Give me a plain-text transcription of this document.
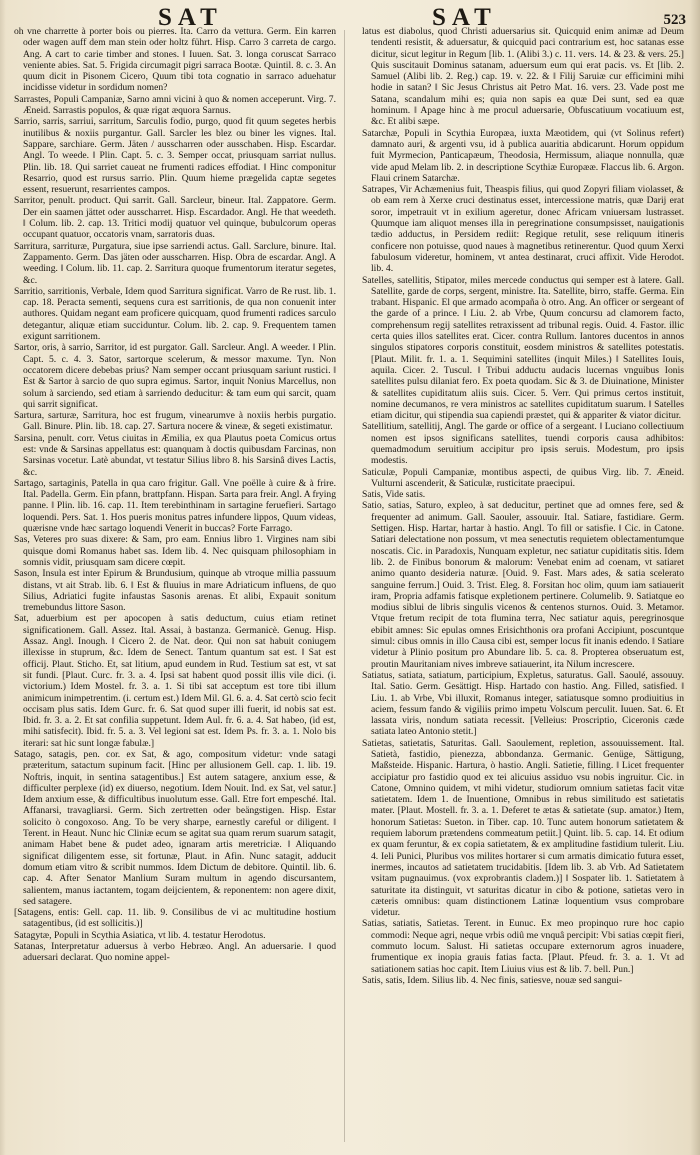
SAT	SAT	523

oh vne charrette à porter bois ou pierres. Ita. Carro da vettura. Germ. Ein karren oder wagen auff dem man stein oder holtz führt. Hisp. Carro 3 carreta de cargo. Ang. A cart to carie timber and stones. ‖ Iuuen. Sat. 3. longa coruscat Sarraco veniente abies. Sat. 5. Frigida circumagit pigri sarraca Bootæ. Quintil. 8. c. 3. An quum dicit in Pisonem Cicero, Quum tibi tota cognatio in sarraco aduehatur incidisse videtur in sordidum nomen?

Sarrastes, Populi Campaniæ, Sarno amni vicini à quo & nomen acceperunt. Virg. 7. Æneid. Sarrastis populos, & quæ rigat æquora Sarnus.

Sarrio, sarris, sarriui, sarritum, Sarculis fodio, purgo, quod fit quum segetes herbis inutilibus & noxiis purgantur. Gall. Sarcler les blez ou biner les vignes. Ital. Sappare, sarchiare. Germ. Jäten / ausscharren oder ausschaben. Hisp. Escardar. Angl. To weede. ‖ Plin. Capt. 5. c. 3. Semper occat, priusquam sarriat nullus. Plin. lib. 18. Qui sarriet caueat ne frumenti radices effodiat. ‖ Hinc componitur Resarrio, quod est rursus sarrio. Plin. Quum hieme prægelida captæ segetes essent, resuerunt, resarrientes campos.

Sarritor, penult. product. Qui sarrit. Gall. Sarcleur, bineur. Ital. Zappatore. Germ. Der ein saamen jättet oder ausscharret. Hisp. Escardador. Angl. He that weedeth. ‖ Colum. lib. 2. cap. 13. Tritici modij quatuor vel quinque, bubulcorum operas occupant quatuor, occatoris vnam, sarratoris duas.

Sarritura, sarrituræ, Purgatura, siue ipse sarriendi actus. Gall. Sarclure, binure. Ital. Zappamento. Germ. Das jäten oder ausscharren. Hisp. Obra de escardar. Angl. A weeding. ‖ Colum. lib. 11. cap. 2. Sarritura quoque frumentorum iteratur segetes, &c.

Sarritio, sarritionis, Verbale, Idem quod Sarritura significat. Varro de Re rust. lib. 1. cap. 18. Peracta sementi, sequens cura est sarritionis, de qua non conuenit inter authores. Quidam negant eam proficere quicquam, quod frumenti radices sarculo detegantur, aliquæ etiam succiduntur. Colum. lib. 2. cap. 9. Frequentem tamen exigunt sarritionem.

Sartor, oris, à sarrio, Sarritor, id est purgator. Gall. Sarcleur. Angl. A weeder. ‖ Plin. Capt. 5. c. 4. 3. Sator, sartorque scelerum, & messor maxume. Tyn. Non occatorem dicere debebas prius? Nam semper occant priusquam sariunt rustici. ‖ Est & Sartor à sarcio de quo supra egimus. Sartor, inquit Nonius Marcellus, non solum à sarciendo, sed etiam à sarriendo deducitur: & tam eum qui sarcit, quam qui sarrit significat.

Sartura, sarturæ, Sarritura, hoc est frugum, vinearumve à noxiis herbis purgatio. Gall. Binure. Plin. lib. 18. cap. 27. Sartura nocere & vineæ, & segeti existimatur.

Sarsina, penult. corr. Vetus ciuitas in Æmilia, ex qua Plautus poeta Comicus ortus est: vnde & Sarsinas appellatus est: quanquam à doctis quibusdam Farcinas, non Sarsinas vocetur. Latè abundat, vt testatur Silius libro 8. his Sarsinâ dives Lactis, &c.

Sartago, sartaginis, Patella in qua caro frigitur. Gall. Vne poëlle à cuire & à frire. Ital. Padella. Germ. Ein pfann, brattpfann. Hispan. Sarta para freir. Angl. A frying panne. ‖ Plin. lib. 16. cap. 11. Item terebinthinam in sartagine feruefieri. Sartago loquendi. Pers. Sat. 1. Hos pueris monitus patres infundere lippos, Quum videas, quærisne vnde hæc sartago loquendi Venerit in buccas? Forte Farrago.

Sas, Veteres pro suas dixere: & Sam, pro eam. Ennius libro 1. Virgines nam sibi quisque domi Romanus habet sas. Idem lib. 4. Nec quisquam philosophiam in somnis vidit, priusquam sam dicere cœpit.

Sason, Insula est inter Epirum & Brundusium, quinque ab vtroque millia passuum distans, vt ait Strab. lib. 6. ‖ Est & fluuius in mare Adriaticum influens, de quo Silius, Adriatici fugite infaustas Sasonis arenas. Et alibi, Expauit sonitum tremebundus littore Sason.

Sat, aduerbium est per apocopen à satis deductum, cuius etiam retinet significationem. Gall. Assez. Ital. Assai, à bastanza. Germanicè. Genug. Hisp. Assaz. Angl. Inough. ‖ Cicero 2. de Nat. deor. Qui non sat habuit coniugem illexisse in stuprum, &c. Idem de Senect. Tantum quantum sat est. ‖ Sat est officij. Plaut. Sticho. Et, sat litium, apud eundem in Rud. Testium sat est, vt sat sit fundi. [Plaut. Curc. fr. 3. a. 4. Ipsi sat habent quod possit illis vile dici. (i. victorium.) Idem Mostel. fr. 3. a. 1. Si tibi sat acceptum est tore tibi illum animicum inimpetrentim. (i. certum est.) Idem Mil. Gl. 6. a. 4. Sat certò scio fecit occisam plus satis. Idem Gurc. fr. 6. Sat quod super illi fuerit, id nobis sat est. Ibid. fr. 3. a. 2. Et sat confilia suppetunt. Idem Aul. fr. 6. a. 4. Sat habeo, (id est, mihi satisfecit). Ibid. fr. 5. a. 3. Vel legioni sat est. Idem Ps. fr. 3. a. 1. Nolo bis iterari: sat hic sunt longæ fabulæ.]

Satago, satagis, pen. cor. ex Sat, & ago, compositum videtur: vnde satagi præteritum, satactum supinum facit. [Hinc per allusionem Gell. cap. 1. lib. 19. Noftris, inquit, in sentina satagentibus.] Est autem satagere, anxium esse, & difficulter perplexe (id) ex diuerso, negotium. Idem Nouit. Ind. ex Sat, vel satur.] Idem anxium esse, & difficultibus inuolutum esse. Gall. Etre fort empesché. Ital. Affanarsi, travagliarsi. Germ. Sich zertretten oder beängstigen. Hisp. Estar solicito ò congoxoso. Ang. To be very sharpe, earnestly careful or diligent. ‖ Terent. in Heaut. Nunc hic Cliniæ ecum se agitat sua quam rerum suarum satagit, animam Habet bene & pudet adeo, ignaram artis meretriciæ. ‖ Aliquando significat diligentem esse, sit fortunæ, Plaut. in Afin. Nunc satagit, adducit domum etiam vitro & scribit nummos. Idem Dictum de debitore. Quintil. lib. 6. cap. 4. After Senator Manlium Suram multum in agendo discursantem, salientem, manus iactantem, togam deijcientem, & reponentem: non agere dixit, sed satagere.

[Satagens, entis: Gell. cap. 11. lib. 9. Consilibus de vi ac multitudine hostium satagentibus, (id est sollicitis.)]

Satagytæ, Populi in Scythia Asiatica, vt lib. 4. testatur Herodotus.

Satanas, Interpretatur aduersus à verbo Hebræo. Angl. An aduersarie. ‖ quod aduersari declarat. Quo nomine appel-

latus est diabolus, quod Christi aduersarius sit. Quicquid enim animæ ad Deum tendenti resistit, & aduersatur, & quicquid paci contrarium est, hoc satanas esse dicitur, sicut legitur in Regum [lib. 1. (Alibi 3.) c. 11. vers. 14. & 23. & vers. 25.] Quis suscitauit Dominus satanam, aduersum eum qui erat pacis. vs. Et [lib. 2. Samuel (Alibi lib. 2. Reg.) cap. 19. v. 22. & ‖ Filij Saruiæ cur efficimini mihi hodie in satan? ‖ Sic Jesus Christus ait Petro Mat. 16. vers. 23. Vade post me Satana, scandalum mihi es; quia non sapis ea quæ Dei sunt, sed ea quæ hominum. ‖ Apage hinc à me procul aduersarie, Obfuscatiuum vocatiuum est, &c. Et alibi sæpe.

Satarchæ, Populi in Scythia Europæa, iuxta Mæotidem, qui (vt Solinus refert) damnato auri, & argenti vsu, id à publica auaritia abdicarunt. Horum oppidum fuit Myrmecion, Panticapæum, Theodosia, Hermissum, aliaque nonnulla, quæ vide apud Melam lib. 2. in descriptione Scythiæ Europææ. Flaccus lib. 6. Argon. Flaui crinem Satarchæ.

Satrapes, Vir Achæmenius fuit, Theaspis filius, qui quod Zopyri filiam violasset, & ob eam rem à Xerxe cruci destinatus esset, intercessione matris, quæ Darij erat soror, impetrauit vt in exilium ageretur, donec Africam vniuersam lustrasset. Quumque iam aliquot menses illa in peregrinatione consumpsisset, nauigationis tædio adductus, in Persidem rediit: Regique retulit, sese reliquum itineris conficere non potuisse, quod naues à magnetibus retinerentur. Quod quum Xerxi fabulosum videretur, hominem, vt antea destinarat, cruci affixit. Vide Herodot. lib. 4.

Satelles, satellitis, Stipator, miles mercede conductus qui semper est à latere. Gall. Satellite, garde de corps, sergent, ministre. Ita. Satellite, birro, staffe. Germa. Ein trabant. Hispanic. El que armado acompaña ò otro. Ang. An officer or sergeant of the garde of a prince. ‖ Liu. 2. ab Vrbe, Quum concursu ad clamorem facto, comprehensum regij satellites retraxissent ad tribunal regis. Ouid. 4. Fastor. illic certa quies illos satellites erat. Cicer. contra Rullum. Iantores ducentos in annos singulos stipatores corporis constituit, eosdem ministros & satellites potestatis. [Plaut. Milit. fr. 1. a. 1. Sequimini satellites (inquit Miles.) ‖ Satellites Iouis, aquila. Cicer. 2. Tuscul. ‖ Tribui adductu audacis lucernas vnguibus Ionis satellites pulsu dilaniat fero. Ex poeta quodam. Sic & 3. de Diuinatione, Minister & satellites cupiditatum aliis suis. Cicer. 5. Verr. Qui primus certos instituit, nomine decumanos, re vera ministros ac satellites cupiditatum suarum. ‖ Satelles etiam dicitur, qui stipendia sua capiendi præstet, qui & appariter & viator dicitur.

Satellitium, satellitij, Angl. The garde or office of a sergeant. ‖ Luciano collectiuum nomen est ipsos significans satellites, tuendi corporis causa adhibitos: quemadmodum seruitium accipitur pro ipsis seruis. Modestum, pro ipsis modestis.

Saticulæ, Populi Campaniæ, montibus aspecti, de quibus Virg. lib. 7. Æneid. Vulturni ascenderit, & Saticulæ, rusticitate praecipui.

Satis, Vide satis.

Satio, satias, Saturo, expleo, à sat deducitur, pertinet que ad omnes fere, sed & frequenter ad animum. Gall. Saouler, assouuir. Ital. Satiare, fastidiare. Germ. Settigen. Hisp. Hartar, hartar à hastio. Angl. To fill or satisfie. ‖ Cic. in Catone. Satiari delectatione non possum, vt mea senectutis requietem oblectamentumque noscatis. Cic. in Paradoxis, Nunquam expletur, nec satiatur cupiditatis sitis. Idem lib. 2. de Finibus bonorum & malorum: Venebat enim ad coenam, vt satiaret animo quanto desideria naturæ. [Ouid. 9. Fast. Mars ades, & satia scelerato sanguine ferrum.] Ouid. 3. Trist. Eleg. 8. Forsitan hoc olim, quum iam satiauerit iram, Propria adfamis fatisque expletionem pertinere. Columelib. 9. Satiatque eo modius siblui de libris singulis vicenos & centenos sturnos. Ouid. 3. Metamor. Vtque fretum recipit de tota flumina terra, Nec satiatur aquis, peregrinosque ebibit amnes: Sic epulas omnes Erisichthonis ora profani Accipiunt, poscuntque simul: cibus omnis in illo Causa cibi est, semper locus fit inanis edendo. ‖ Satiare videtur à Plinio positum pro Abundare lib. 5. ca. 8. Propterea obseruatum est, proutin Mauritaniam nives imbreve satiauerint, ita Nilum increscere.

Satiatus, satiata, satiatum, participium, Expletus, saturatus. Gall. Saoulé, assouuy. Ital. Satio. Germ. Gesättigt. Hisp. Hartado con hastio. Ang. Filled, satisfied. ‖ Liu. 1. ab Vrbe, Vbi illuxit, Romanus integer, satiatusque somno prodiuitius in aciem, fessum fando & vigiliis primo impetu Volscum perculit. Iuuen. Sat. 6. Et lassata viris, nondum satiata recessit. [Velleius: Proscriptio, Ciceronis cæde satiata lateo Antonio stetit.]

Satietas, satietatis, Saturitas. Gall. Saoulement, repletion, assouuissement. Ital. Satietà, fastidio, pienezza, abbondanza. Germanic. Genüge, Sättigung, Maßsteide. Hispanic. Hartura, ò hastio. Angli. Satietie, filling. ‖ Licet frequenter accipiatur pro fastidio quod ex tei alicuius assiduo vsu nobis ingruitur. Cic. in Catone, Omnino quidem, vt mihi videtur, studiorum omnium satietas facit vitæ satietatem. Idem 1. de Inuentione, Omnibus in rebus similitudo est satietatis mater. [Plaut. Mostell. fr. 3. a. 1. Deferet te ætas & satietate (sup. amator.) Item, honorum Satietas: Sueton. in Tiber. cap. 10. Tunc autem honorum satietatem & requiem laborum prætendens commeatum petiit.] Quint. lib. 5. cap. 14. Et odium ex quam feruntur, & ex copia satietatem, & ex amplitudine fastidium tulerit. Liu. 4. Ieli Punici, Pluribus vos milites hortarer si cum armatis dimicatio futura esset, inermes, incautos ad satietatem trucidabitis. [Idem lib. 3. ab Vrb. Ad Satietatem vsitam pugnauimus. (vox exprobrantis cladem.)] ‖ Sospater lib. 1. Satietatem à saturitate ita distinguit, vt saturitas dicatur in cibo & potione, satietas vero in cæteris omnibus: quam distinctionem Latinæ loquentium vsus comprobare videtur.

Satias, satiatis, Satietas. Terent. in Eunuc. Ex meo propinquo rure hoc capio commodi: Neque agri, neque vrbis odiû me vnquâ percipit: Vbi satias cœpit fieri, commuto locum. Salust. Hi satietas occupare externorum agros inuadere, frumentique ex inopia grauis fatias facta. [Plaut. Pfeud. fr. 3. a. 1. Vt ad satiationem satias hoc capit. Item Liuius vius est & lib. 7. bell. Pun.]

Satis, satis, Idem. Silius lib. 4. Nec finis, satiesve, nouæ sed sangui-
